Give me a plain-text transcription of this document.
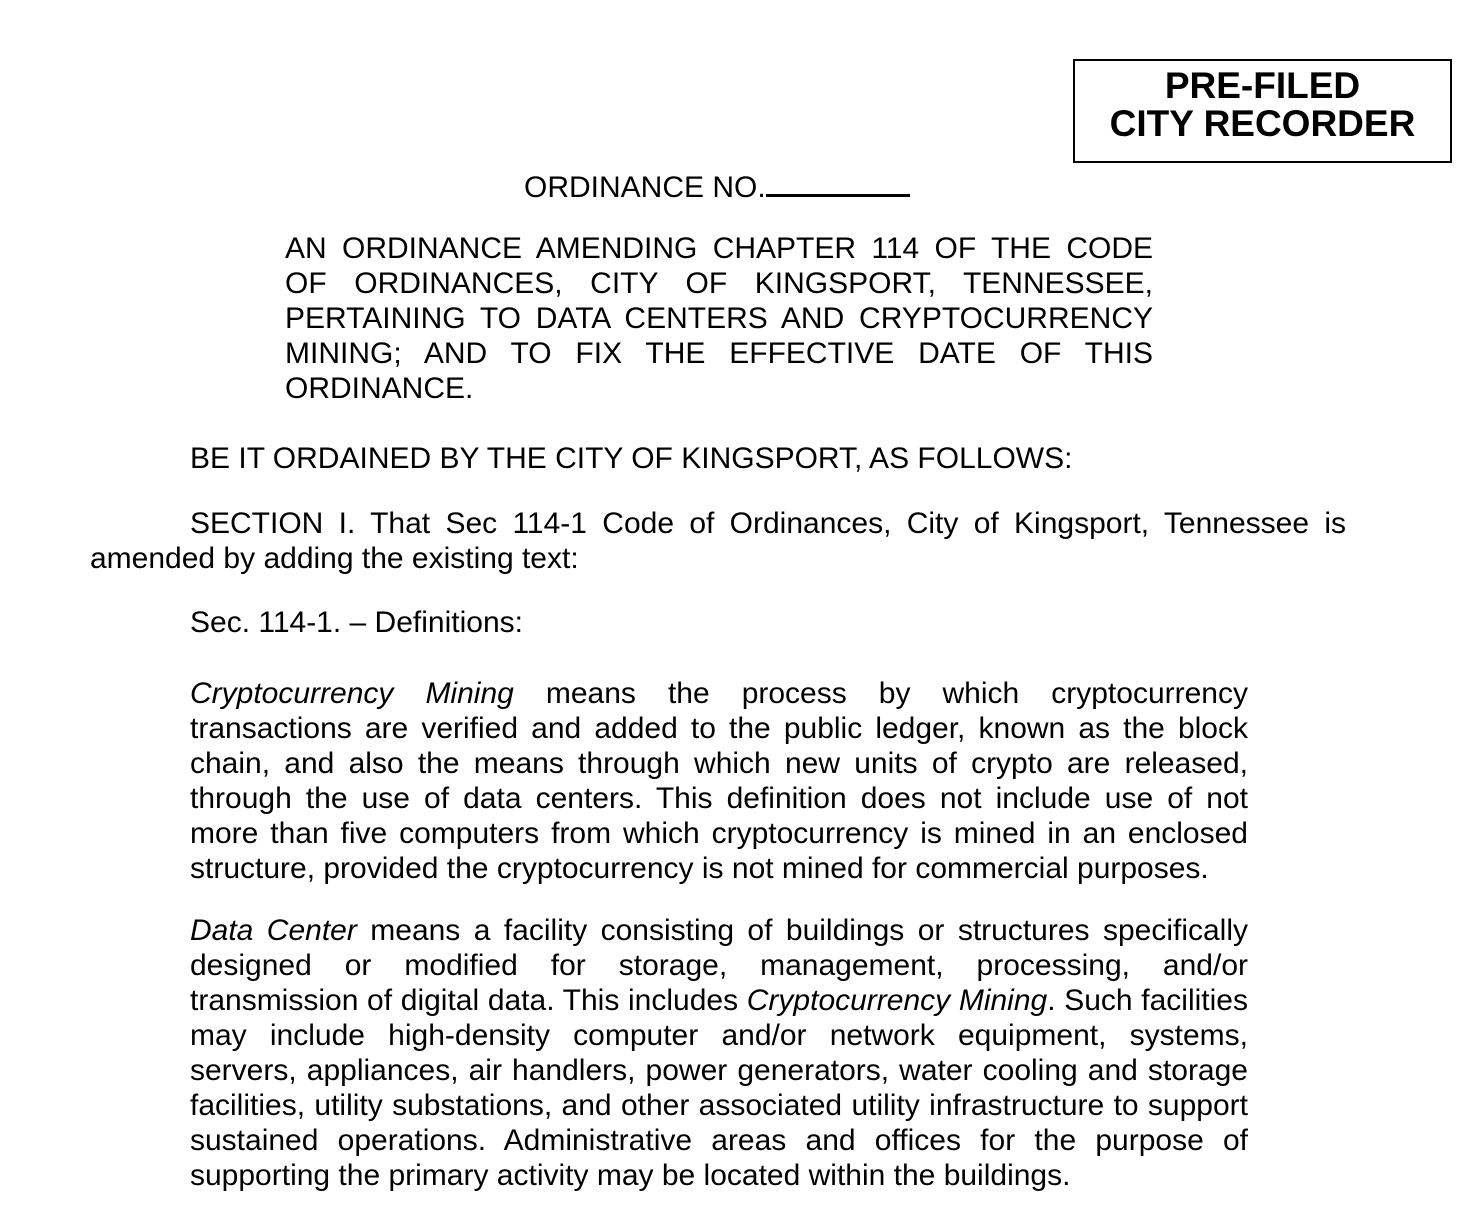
PRE-FILED
CITY RECORDER
ORDINANCE NO.

AN ORDINANCE AMENDING CHAPTER 114 OF THE CODE OF ORDINANCES, CITY OF KINGSPORT, TENNESSEE, PERTAINING TO DATA CENTERS AND CRYPTOCURRENCY MINING; AND TO FIX THE EFFECTIVE DATE OF THIS ORDINANCE.

BE IT ORDAINED BY THE CITY OF KINGSPORT, AS FOLLOWS:

SECTION I. That Sec 114-1 Code of Ordinances, City of Kingsport, Tennessee is amended by adding the existing text:

Sec. 114-1. – Definitions:

Cryptocurrency Mining means the process by which cryptocurrency transactions are verified and added to the public ledger, known as the block chain, and also the means through which new units of crypto are released, through the use of data centers. This definition does not include use of not more than five computers from which cryptocurrency is mined in an enclosed structure, provided the cryptocurrency is not mined for commercial purposes.

Data Center means a facility consisting of buildings or structures specifically designed or modified for storage, management, processing, and/or transmission of digital data. This includes Cryptocurrency Mining. Such facilities may include high-density computer and/or network equipment, systems, servers, appliances, air handlers, power generators, water cooling and storage facilities, utility substations, and other associated utility infrastructure to support sustained operations. Administrative areas and offices for the purpose of supporting the primary activity may be located within the buildings.
